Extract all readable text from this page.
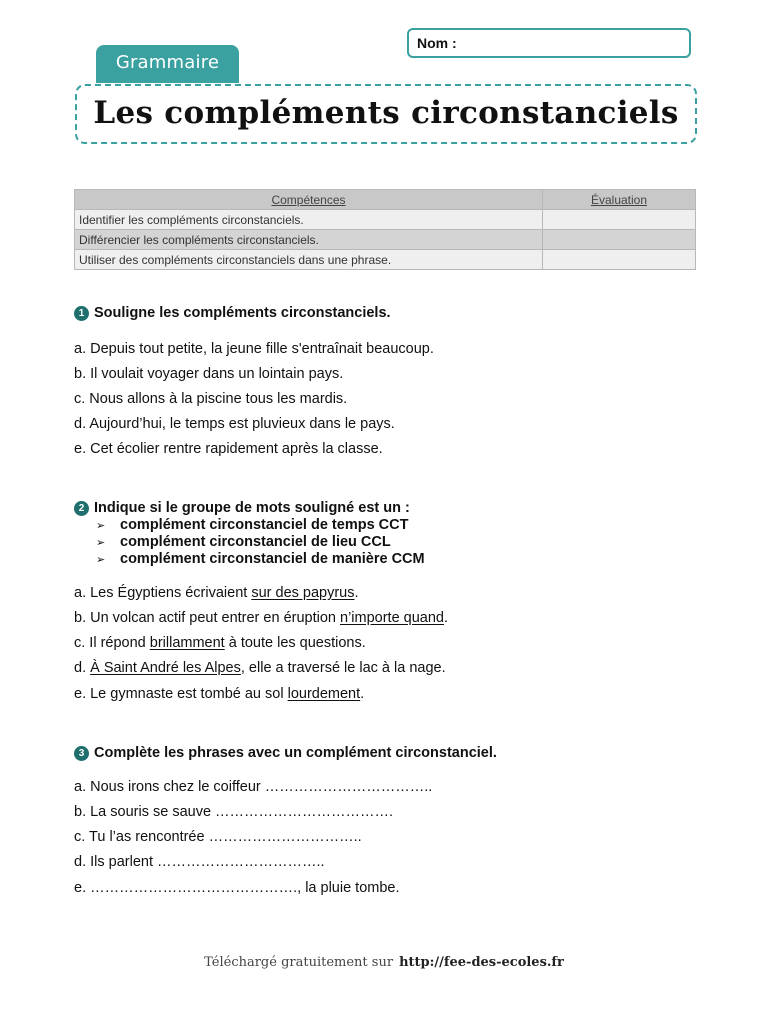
Grammaire
Nom :
Les compléments circonstanciels
Compétences	Évaluation
Identifier les compléments circonstanciels.	
Différencier les compléments circonstanciels.	
Utiliser des compléments circonstanciels dans une phrase.	
1 Souligne les compléments circonstanciels.
a. Depuis tout petite, la jeune fille s'entraînait beaucoup.
b. Il voulait voyager dans un lointain pays.
c. Nous allons à la piscine tous les mardis.
d. Aujourd’hui, le temps est pluvieux dans le pays.
e. Cet écolier rentre rapidement après la classe.
2 Indique si le groupe de mots souligné est un :
➢ complément circonstanciel de temps CCT
➢ complément circonstanciel de lieu CCL
➢ complément circonstanciel de manière CCM
a. Les Égyptiens écrivaient sur des papyrus.
b. Un volcan actif peut entrer en éruption n’importe quand.
c. Il répond brillamment à toute les questions.
d. À Saint André les Alpes, elle a traversé le lac à la nage.
e. Le gymnaste est tombé au sol lourdement.
3 Complète les phrases avec un complément circonstanciel.
a. Nous irons chez le coiffeur ……………………………..
b. La souris se sauve ……………………………….
c. Tu l’as rencontrée …………………………..
d. Ils parlent ……………………………..
e. ……………………………………., la pluie tombe.
Téléchargé gratuitement sur http://fee-des-ecoles.fr
